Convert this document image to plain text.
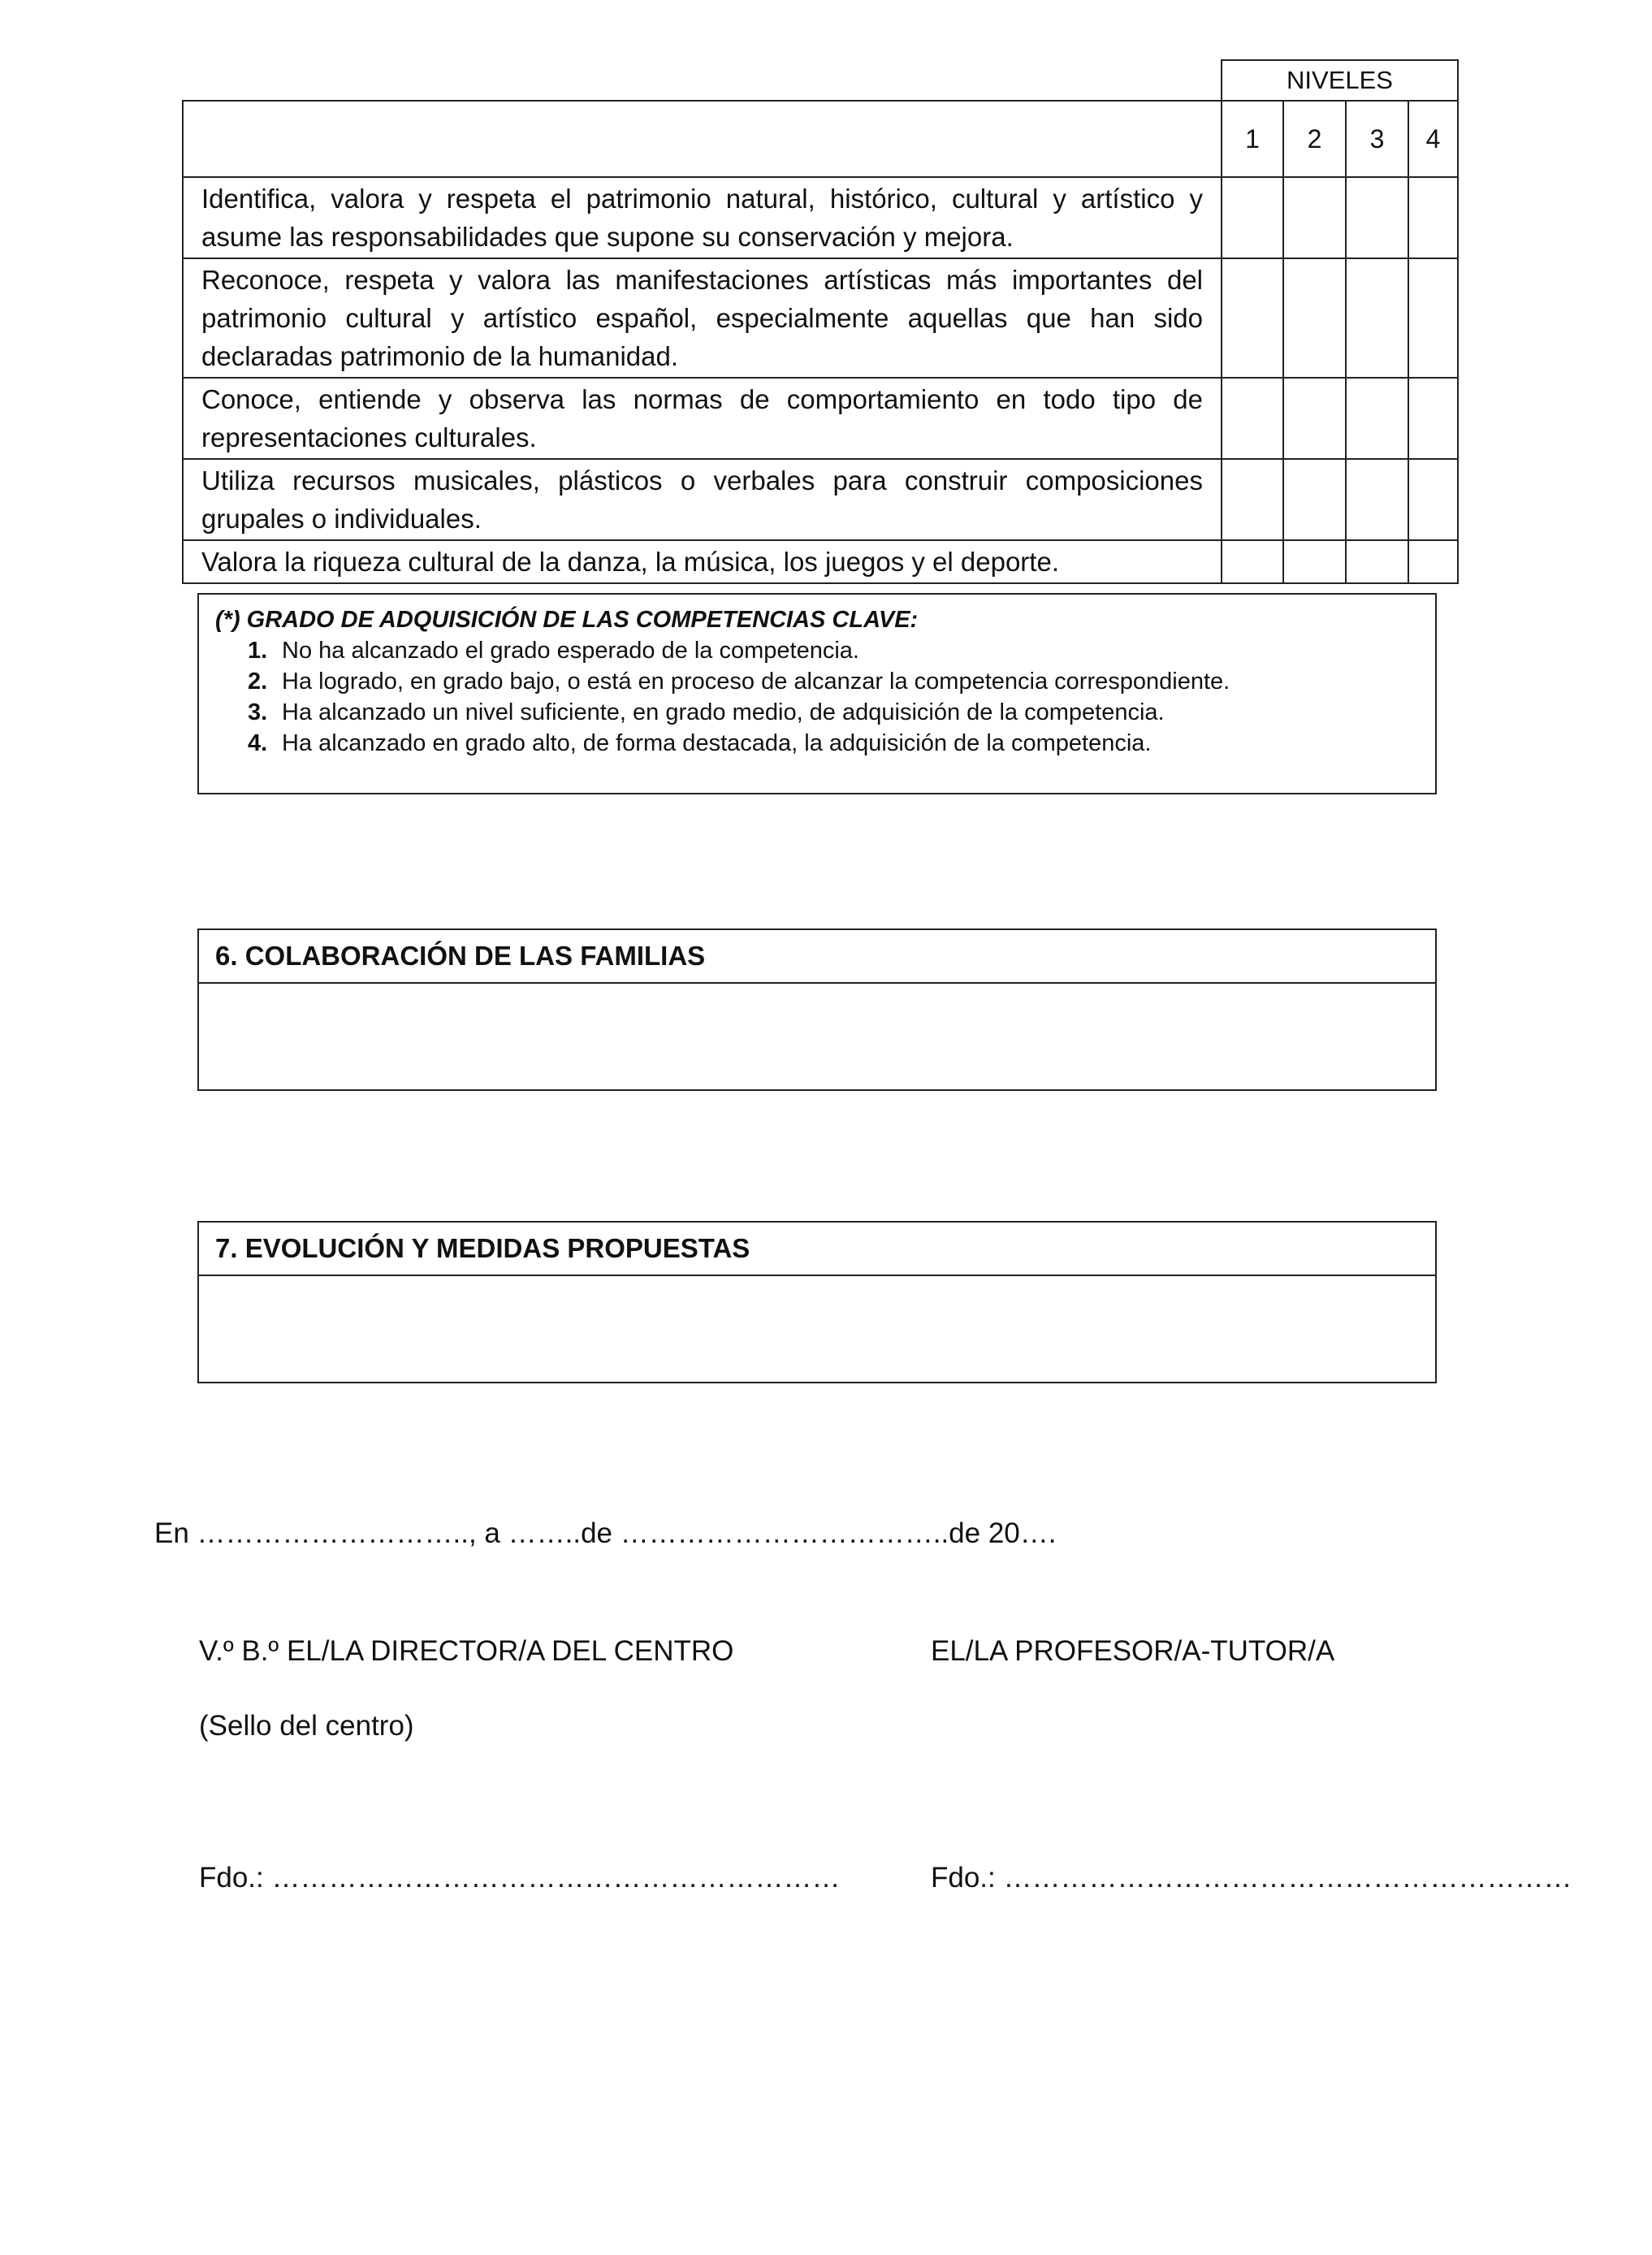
	NIVELES			
	1	2	3	4
Identifica, valora y respeta el patrimonio natural, histórico, cultural y artístico y asume las responsabilidades que supone su conservación y mejora.				
Reconoce, respeta y valora las manifestaciones artísticas más importantes del patrimonio cultural y artístico español, especialmente aquellas que han sido declaradas patrimonio de la humanidad.				
Conoce, entiende y observa las normas de comportamiento en todo tipo de representaciones culturales.				
Utiliza recursos musicales, plásticos o verbales para construir composiciones grupales o individuales.				
Valora la riqueza cultural de la danza, la música, los juegos y el deporte.				
(*) GRADO DE ADQUISICIÓN DE LAS COMPETENCIAS CLAVE:
1. No ha alcanzado el grado esperado de la competencia.
2. Ha logrado, en grado bajo, o está en proceso de alcanzar la competencia correspondiente.
3. Ha alcanzado un nivel suficiente, en grado medio, de adquisición de la competencia.
4. Ha alcanzado en grado alto, de forma destacada, la adquisición de la competencia.
6. COLABORACIÓN DE LAS FAMILIAS
7. EVOLUCIÓN Y MEDIDAS PROPUESTAS
En ……………………….., a ……..de ……………………………..de 20….
V.º B.º EL/LA DIRECTOR/A DEL CENTRO	EL/LA PROFESOR/A-TUTOR/A
(Sello del centro)
Fdo.: ……………………………………………………	Fdo.: ……………………………………………………
